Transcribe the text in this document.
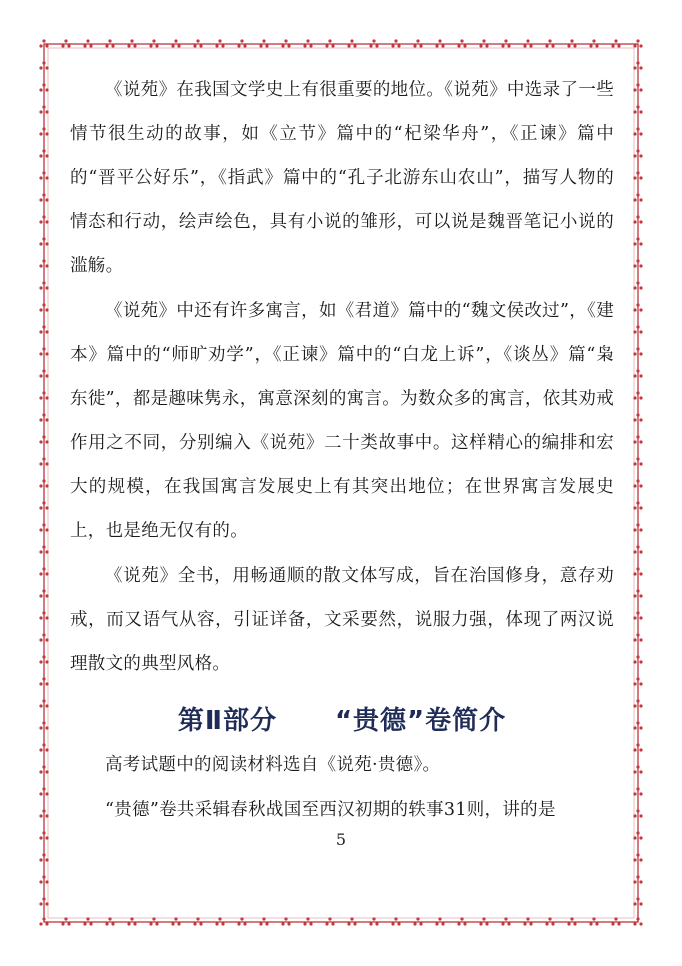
《说苑》在我国文学史上有很重要的地位。《说苑》中选录了一些情节很生动的故事，如《立节》篇中的“杞梁华舟”，《正谏》篇中的“晋平公好乐”，《指武》篇中的“孔子北游东山农山”，描写人物的情态和行动，绘声绘色，具有小说的雏形，可以说是魏晋笔记小说的滥觞。

《说苑》中还有许多寓言，如《君道》篇中的“魏文侯改过”，《建本》篇中的“师旷劝学”，《正谏》篇中的“白龙上诉”，《谈丛》篇“枭东徙”，都是趣味隽永，寓意深刻的寓言。为数众多的寓言，依其劝戒作用之不同，分别编入《说苑》二十类故事中。这样精心的编排和宏大的规模，在我国寓言发展史上有其突出地位；在世界寓言发展史上，也是绝无仅有的。

《说苑》全书，用畅通顺的散文体写成，旨在治国修身，意存劝戒，而又语气从容，引证详备，文采要然，说服力强，体现了两汉说理散文的典型风格。

第Ⅱ部分 “贵德”卷简介

高考试题中的阅读材料选自《说苑·贵德》。

“贵德”卷共采辑春秋战国至西汉初期的轶事31则，讲的是

5
